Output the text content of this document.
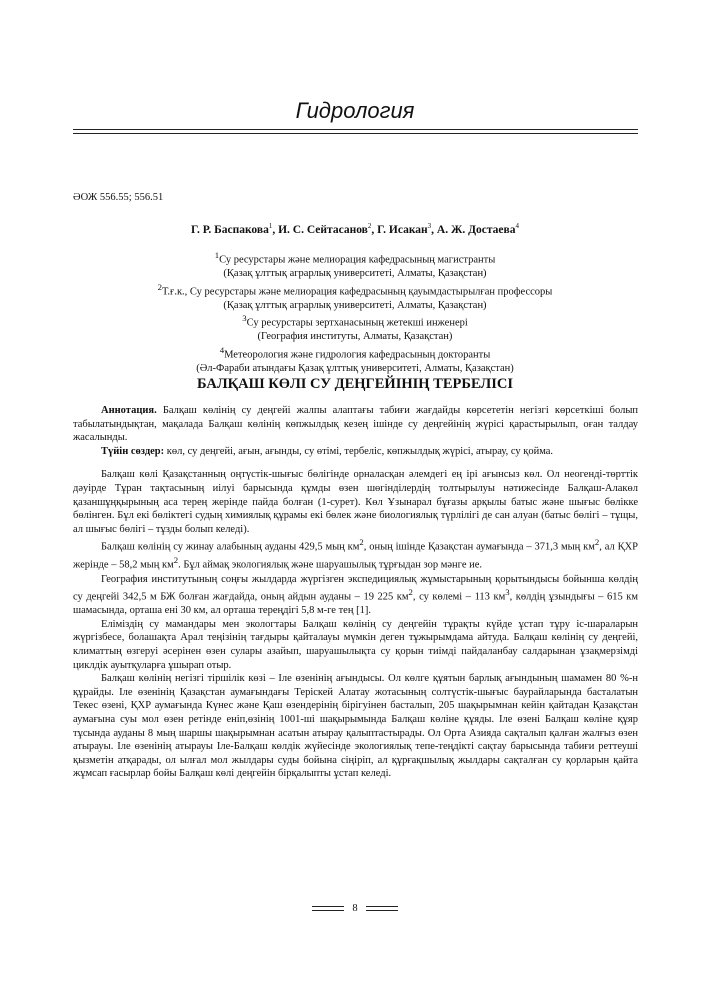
Гидрология
ӘОЖ 556.55; 556.51
Г. Р. Баспакова$^1$, И. С. Сейтасанов$^2$, Г. Исакан$^3$, А. Ж. Достаева$^4$
$^1$Су ресурстары және мелиорация кафедрасының магистранты
(Қазақ ұлттық аграрлық университеті, Алматы, Қазақстан)
$^2$Т.ғ.к., Су ресурстары және мелиорация кафедрасының қауымдастырылған профессоры
(Қазақ ұлттық аграрлық университеті, Алматы, Қазақстан)
$^3$Су ресурстары зертханасының жетекші инженері
(География институты, Алматы, Қазақстан)
$^4$Метеорология және гидрология кафедрасының докторанты
(Әл-Фараби атындағы Қазақ ұлттық университеті, Алматы, Қазақстан)
БАЛҚАШ КӨЛІ СУ ДЕҢГЕЙІНІҢ ТЕРБЕЛІСІ

Аннотация. Балқаш көлінің су деңгейі жалпы алаптағы табиғи жағдайды көрсететін негізгі көрсеткіші болып табылатындықтан, мақалада Балқаш көлінің көпжылдық кезең ішінде су деңгейінің жүрісі қарастырылып, оған талдау жасалынды.

Түйін сөздер: көл, су деңгейі, ағын, ағынды, су өтімі, тербеліс, көпжылдық жүрісі, атырау, су қойма.

Балқаш көлі Қазақстанның оңтүстік-шығыс бөлігінде орналасқан әлемдегі ең ірі ағынсыз көл. Ол неогенді-төрттік дәуірде Тұран тақтасының иілуі барысында құмды өзен шөгінділердің толтырылуы нәтижесінде Балқаш-Алакөл қазаншұңқырының аса терең жерінде пайда болған (1-сурет). Көл Ұзынарал бұғазы арқылы батыс және шығыс бөлікке бөлінген. Бұл екі бөліктегі судың химиялық құрамы екі бөлек және биологиялық түрлілігі де сан алуан (батыс бөлігі – тұщы, ал шығыс бөлігі – тұзды болып келеді).

Балқаш көлінің су жинау алабының ауданы 429,5 мың $км^2$, оның ішінде Қазақстан аумағында – 371,3 мың $км^2$, ал ҚХР жерінде – 58,2 мың $км^2$. Бұл аймақ экологиялық және шаруашылық тұрғыдан зор мәнге ие.

География институтының соңғы жылдарда жүргізген экспедициялық жұмыстарының қорытындысы бойынша көлдің су деңгейі 342,5 м БЖ болған жағдайда, оның айдын ауданы – 19 225 $км^2$, су көлемі – 113 $км^3$, көлдің ұзындығы – 615 км шамасында, орташа ені 30 км, ал орташа тереңдігі 5,8 м-ге тең [1].

Еліміздің су мамандары мен экологтары Балқаш көлінің су деңгейін тұрақты күйде ұстап тұру іс-шараларын жүргізбесе, болашақта Арал теңізінің тағдыры қайталауы мүмкін деген тұжырымдама айтуда. Балқаш көлінің су деңгейі, климаттың өзгеруі әсерінен өзен сулары азайып, шаруашылықта су қорын тиімді пайдаланбау салдарынан ұзақмерзімді циклдік ауытқуларға ұшырап отыр.

Балқаш көлінің негізгі тіршілік көзі – Іле өзенінің ағындысы. Ол көлге құятын барлық ағындының шамамен 80 %-н құрайды. Іле өзенінің Қазақстан аумағындағы Теріскей Алатау жотасының солтүстік-шығыс баурайларында басталатын Текес өзені, ҚХР аумағында Күнес және Қаш өзендерінің бірігуінен басталып, 205 шақырымнан кейін қайтадан Қазақстан аумағына суы мол өзен ретінде еніп,өзінің 1001-ші шақырымында Балқаш көліне құяды. Іле өзені Балқаш көліне құяр тұсында ауданы 8 мың шаршы шақырымнан асатын атырау қалыптастырады. Ол Орта Азияда сақталып қалған жалғыз өзен атырауы. Іле өзенінің атырауы Іле-Балқаш көлдік жүйесінде экологиялық тепе-теңдікті сақтау барысында табиғи реттеуші қызметін атқарады, ол ылғал мол жылдары суды бойына сіңіріп, ал құрғақшылық жылдары сақталған су қорларын қайта жұмсап ғасырлар бойы Балқаш көлі деңгейін бірқалыпты ұстап келеді.

8
